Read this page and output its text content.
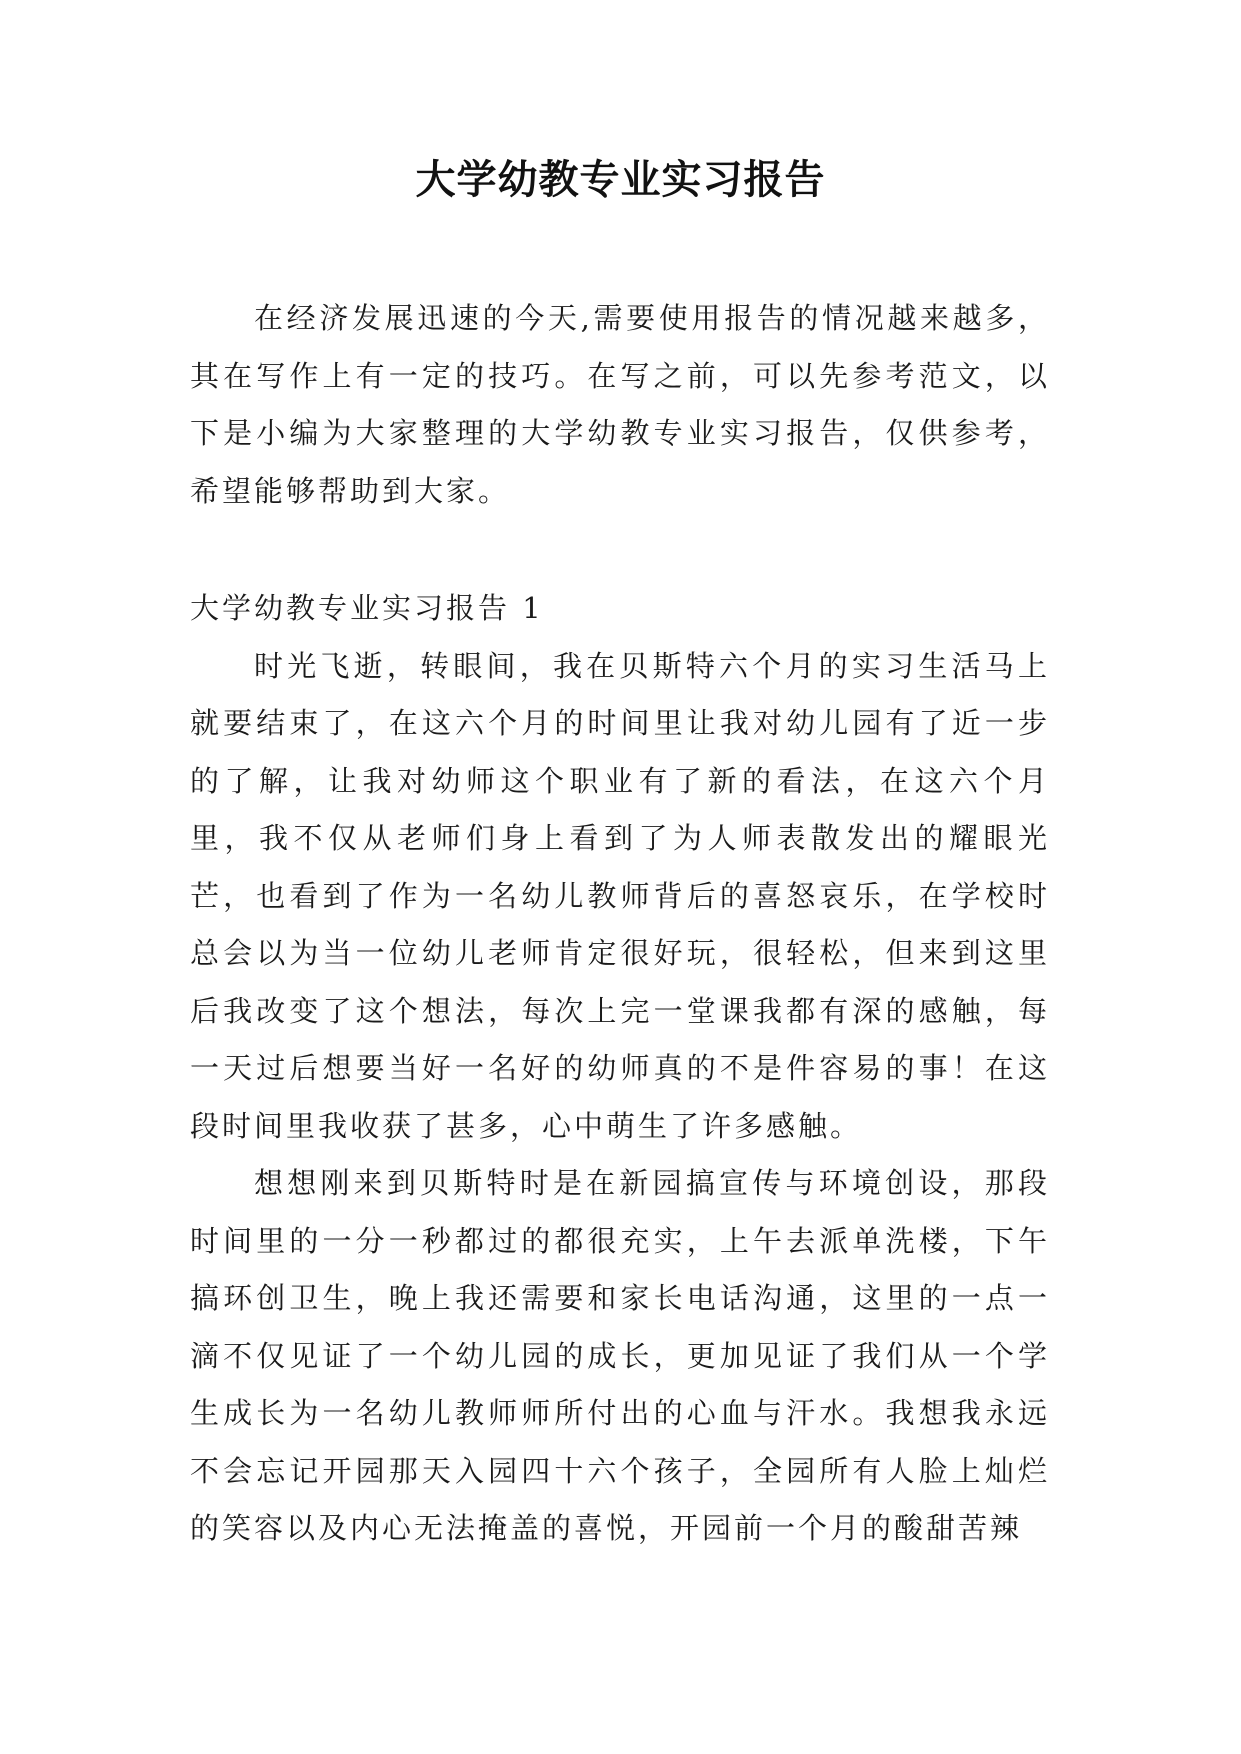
大学幼教专业实习报告

在经济发展迅速的今天,需要使用报告的情况越来越多，其在写作上有一定的技巧。在写之前，可以先参考范文，以下是小编为大家整理的大学幼教专业实习报告，仅供参考，希望能够帮助到大家。

大学幼教专业实习报告 1

时光飞逝，转眼间，我在贝斯特六个月的实习生活马上就要结束了，在这六个月的时间里让我对幼儿园有了近一步的了解，让我对幼师这个职业有了新的看法，在这六个月里，我不仅从老师们身上看到了为人师表散发出的耀眼光芒，也看到了作为一名幼儿教师背后的喜怒哀乐，在学校时总会以为当一位幼儿老师肯定很好玩，很轻松，但来到这里后我改变了这个想法，每次上完一堂课我都有深的感触，每一天过后想要当好一名好的幼师真的不是件容易的事！在这段时间里我收获了甚多，心中萌生了许多感触。

想想刚来到贝斯特时是在新园搞宣传与环境创设，那段时间里的一分一秒都过的都很充实，上午去派单洗楼，下午搞环创卫生，晚上我还需要和家长电话沟通，这里的一点一滴不仅见证了一个幼儿园的成长，更加见证了我们从一个学生成长为一名幼儿教师师所付出的心血与汗水。我想我永远不会忘记开园那天入园四十六个孩子，全园所有人脸上灿烂的笑容以及内心无法掩盖的喜悦，开园前一个月的酸甜苦辣
